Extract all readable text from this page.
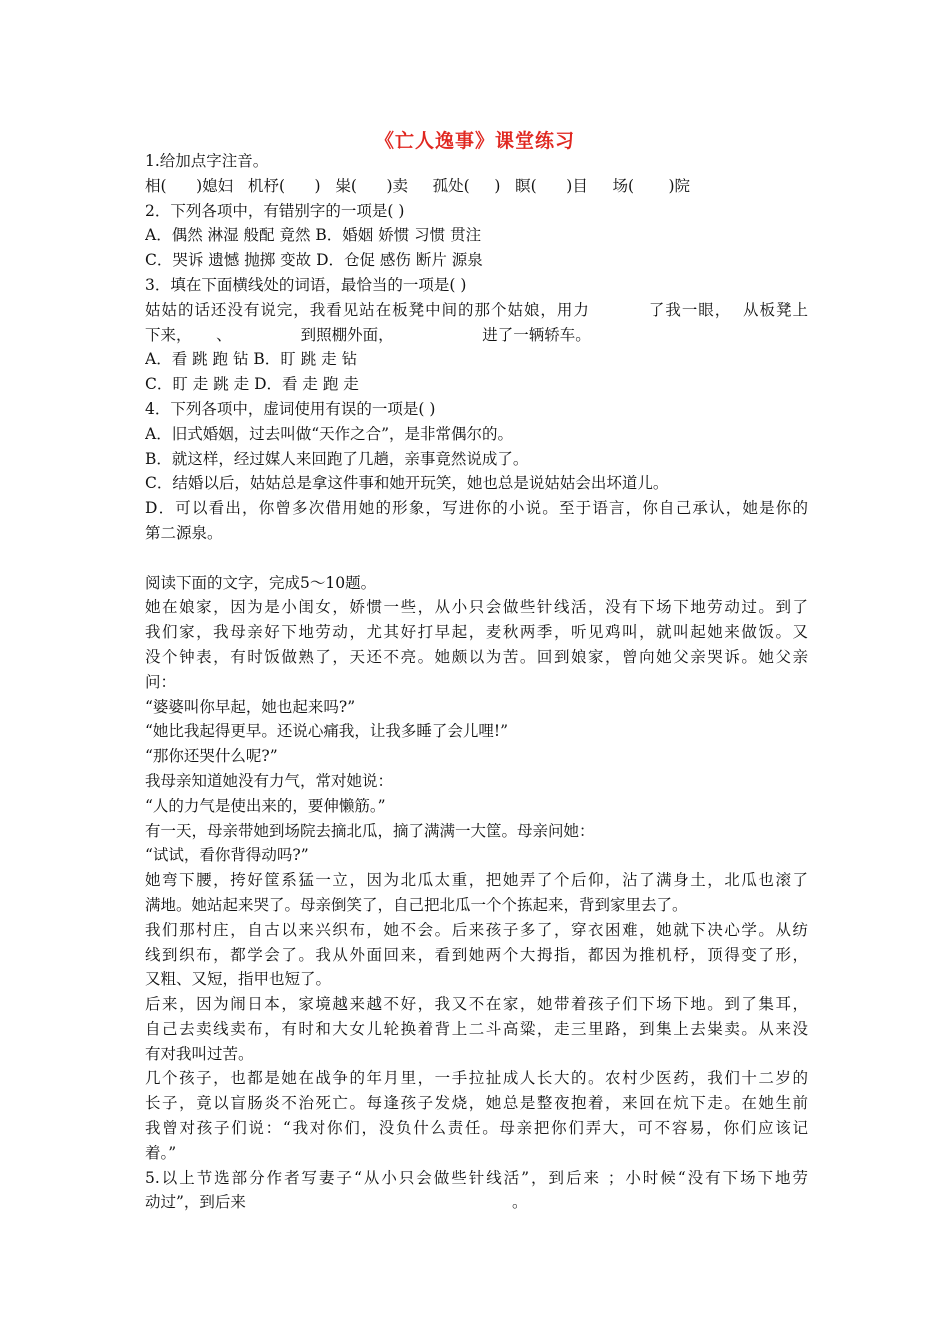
《亡人逸事》课堂练习
1.给加点字注音。
相(      )媳妇   机杼(      )   粜(      )卖     孤处(     )   瞑(      )目     场(       )院
2．下列各项中，有错别字的一项是( )
A．偶然 淋湿 般配 竟然 B．婚姻 娇惯 习惯 贯注
C．哭诉 遗憾 抛掷 变故 D．仓促 感伤 断片 源泉
3．填在下面横线处的词语，最恰当的一项是( )
姑姑的话还没有说完，我看见站在板凳中间的那个姑娘，用力          了我一眼，  从板凳上
下来，     、              到照棚外面，                  进了一辆轿车。
A．看 跳 跑 钻 B．盯 跳 走 钻
C．盯 走 跳 走 D．看 走 跑 走
4．下列各项中，虚词使用有误的一项是( )
A．旧式婚姻，过去叫做“天作之合”，是非常偶尔的。
B．就这样，经过媒人来回跑了几趟，亲事竟然说成了。
C．结婚以后，姑姑总是拿这件事和她开玩笑，她也总是说姑姑会出坏道儿。
D．可以看出，你曾多次借用她的形象，写进你的小说。至于语言，你自己承认，她是你的
第二源泉。
阅读下面的文字，完成5～10题。
她在娘家，因为是小闺女，娇惯一些，从小只会做些针线活，没有下场下地劳动过。到了
我们家，我母亲好下地劳动，尤其好打早起，麦秋两季，听见鸡叫，就叫起她来做饭。又
没个钟表，有时饭做熟了，天还不亮。她颇以为苦。回到娘家，曾向她父亲哭诉。她父亲
问：
“婆婆叫你早起，她也起来吗?”
“她比我起得更早。还说心痛我，让我多睡了会儿哩!”
“那你还哭什么呢?”
我母亲知道她没有力气，常对她说：
“人的力气是使出来的，要伸懒筋。”
有一天，母亲带她到场院去摘北瓜，摘了满满一大筐。母亲问她：
“试试，看你背得动吗?”
她弯下腰，挎好筐系猛一立，因为北瓜太重，把她弄了个后仰，沾了满身土，北瓜也滚了
满地。她站起来哭了。母亲倒笑了，自己把北瓜一个个拣起来，背到家里去了。
我们那村庄，自古以来兴织布，她不会。后来孩子多了，穿衣困难，她就下决心学。从纺
线到织布，都学会了。我从外面回来，看到她两个大拇指，都因为推机杼，顶得变了形，
又粗、又短，指甲也短了。
后来，因为闹日本，家境越来越不好，我又不在家，她带着孩子们下场下地。到了集耳，
自己去卖线卖布，有时和大女儿轮换着背上二斗高粱，走三里路，到集上去粜卖。从来没
有对我叫过苦。
几个孩子，也都是她在战争的年月里，一手拉扯成人长大的。农村少医药，我们十二岁的
长子，竟以盲肠炎不治死亡。每逢孩子发烧，她总是整夜抱着，来回在炕下走。在她生前
我曾对孩子们说：“我对你们，没负什么责任。母亲把你们弄大，可不容易，你们应该记
着。”
5.以上节选部分作者写妻子“从小只会做些针线活”，到后来 ；小时候“没有下场下地劳
动过”，到后来                                                      。
